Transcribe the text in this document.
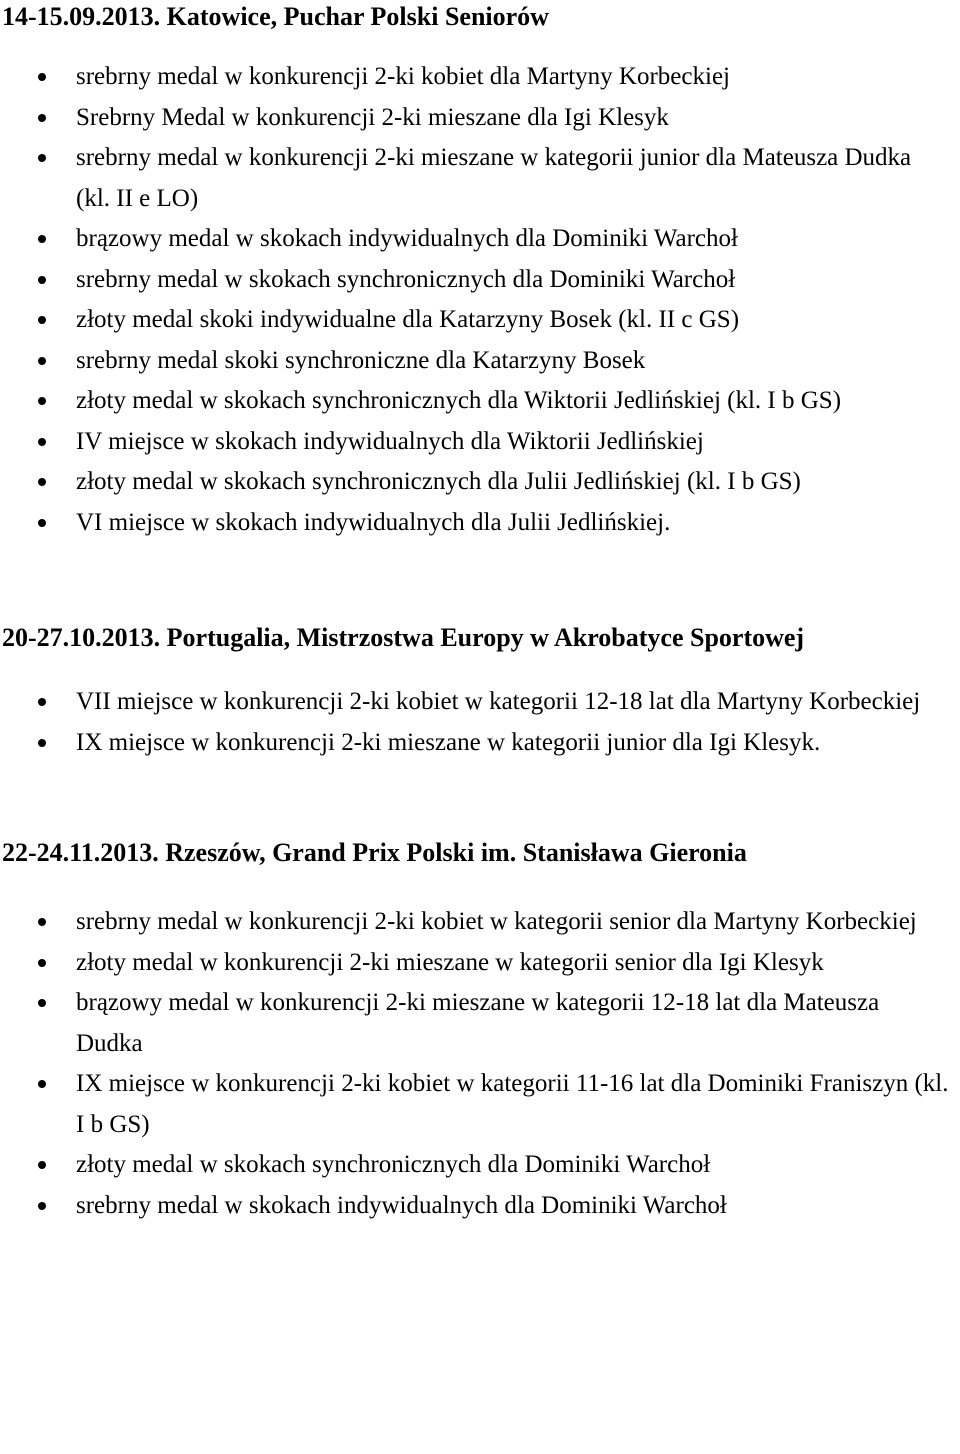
14-15.09.2013. Katowice, Puchar Polski Seniorów
srebrny medal w konkurencji 2-ki kobiet dla Martyny Korbeckiej
Srebrny Medal w konkurencji 2-ki mieszane dla Igi Klesyk
srebrny medal w konkurencji 2-ki mieszane w kategorii junior dla Mateusza Dudka (kl. II e LO)
brązowy medal w skokach indywidualnych dla Dominiki Warchoł
srebrny medal w skokach synchronicznych dla Dominiki Warchoł
złoty medal skoki indywidualne dla Katarzyny Bosek (kl. II c GS)
srebrny medal skoki synchroniczne dla Katarzyny Bosek
złoty medal w skokach synchronicznych dla Wiktorii Jedlińskiej (kl. I b GS)
IV miejsce w skokach indywidualnych dla Wiktorii Jedlińskiej
złoty medal w skokach synchronicznych dla Julii Jedlińskiej (kl. I b GS)
VI miejsce w skokach indywidualnych dla Julii Jedlińskiej.
20-27.10.2013. Portugalia, Mistrzostwa Europy w Akrobatyce Sportowej
VII miejsce w konkurencji 2-ki kobiet w kategorii 12-18 lat dla Martyny Korbeckiej
IX miejsce w konkurencji 2-ki mieszane w kategorii junior dla Igi Klesyk.
22-24.11.2013. Rzeszów, Grand Prix Polski im. Stanisława Gieronia
srebrny medal w konkurencji 2-ki kobiet w kategorii senior dla Martyny Korbeckiej
złoty medal w konkurencji 2-ki mieszane w kategorii senior dla Igi Klesyk
brązowy medal w konkurencji 2-ki mieszane w kategorii 12-18 lat dla Mateusza Dudka
IX miejsce w konkurencji 2-ki kobiet w kategorii 11-16 lat dla Dominiki Franiszyn (kl. I b GS)
złoty medal w skokach synchronicznych dla Dominiki Warchoł
srebrny medal w skokach indywidualnych dla Dominiki Warchoł
